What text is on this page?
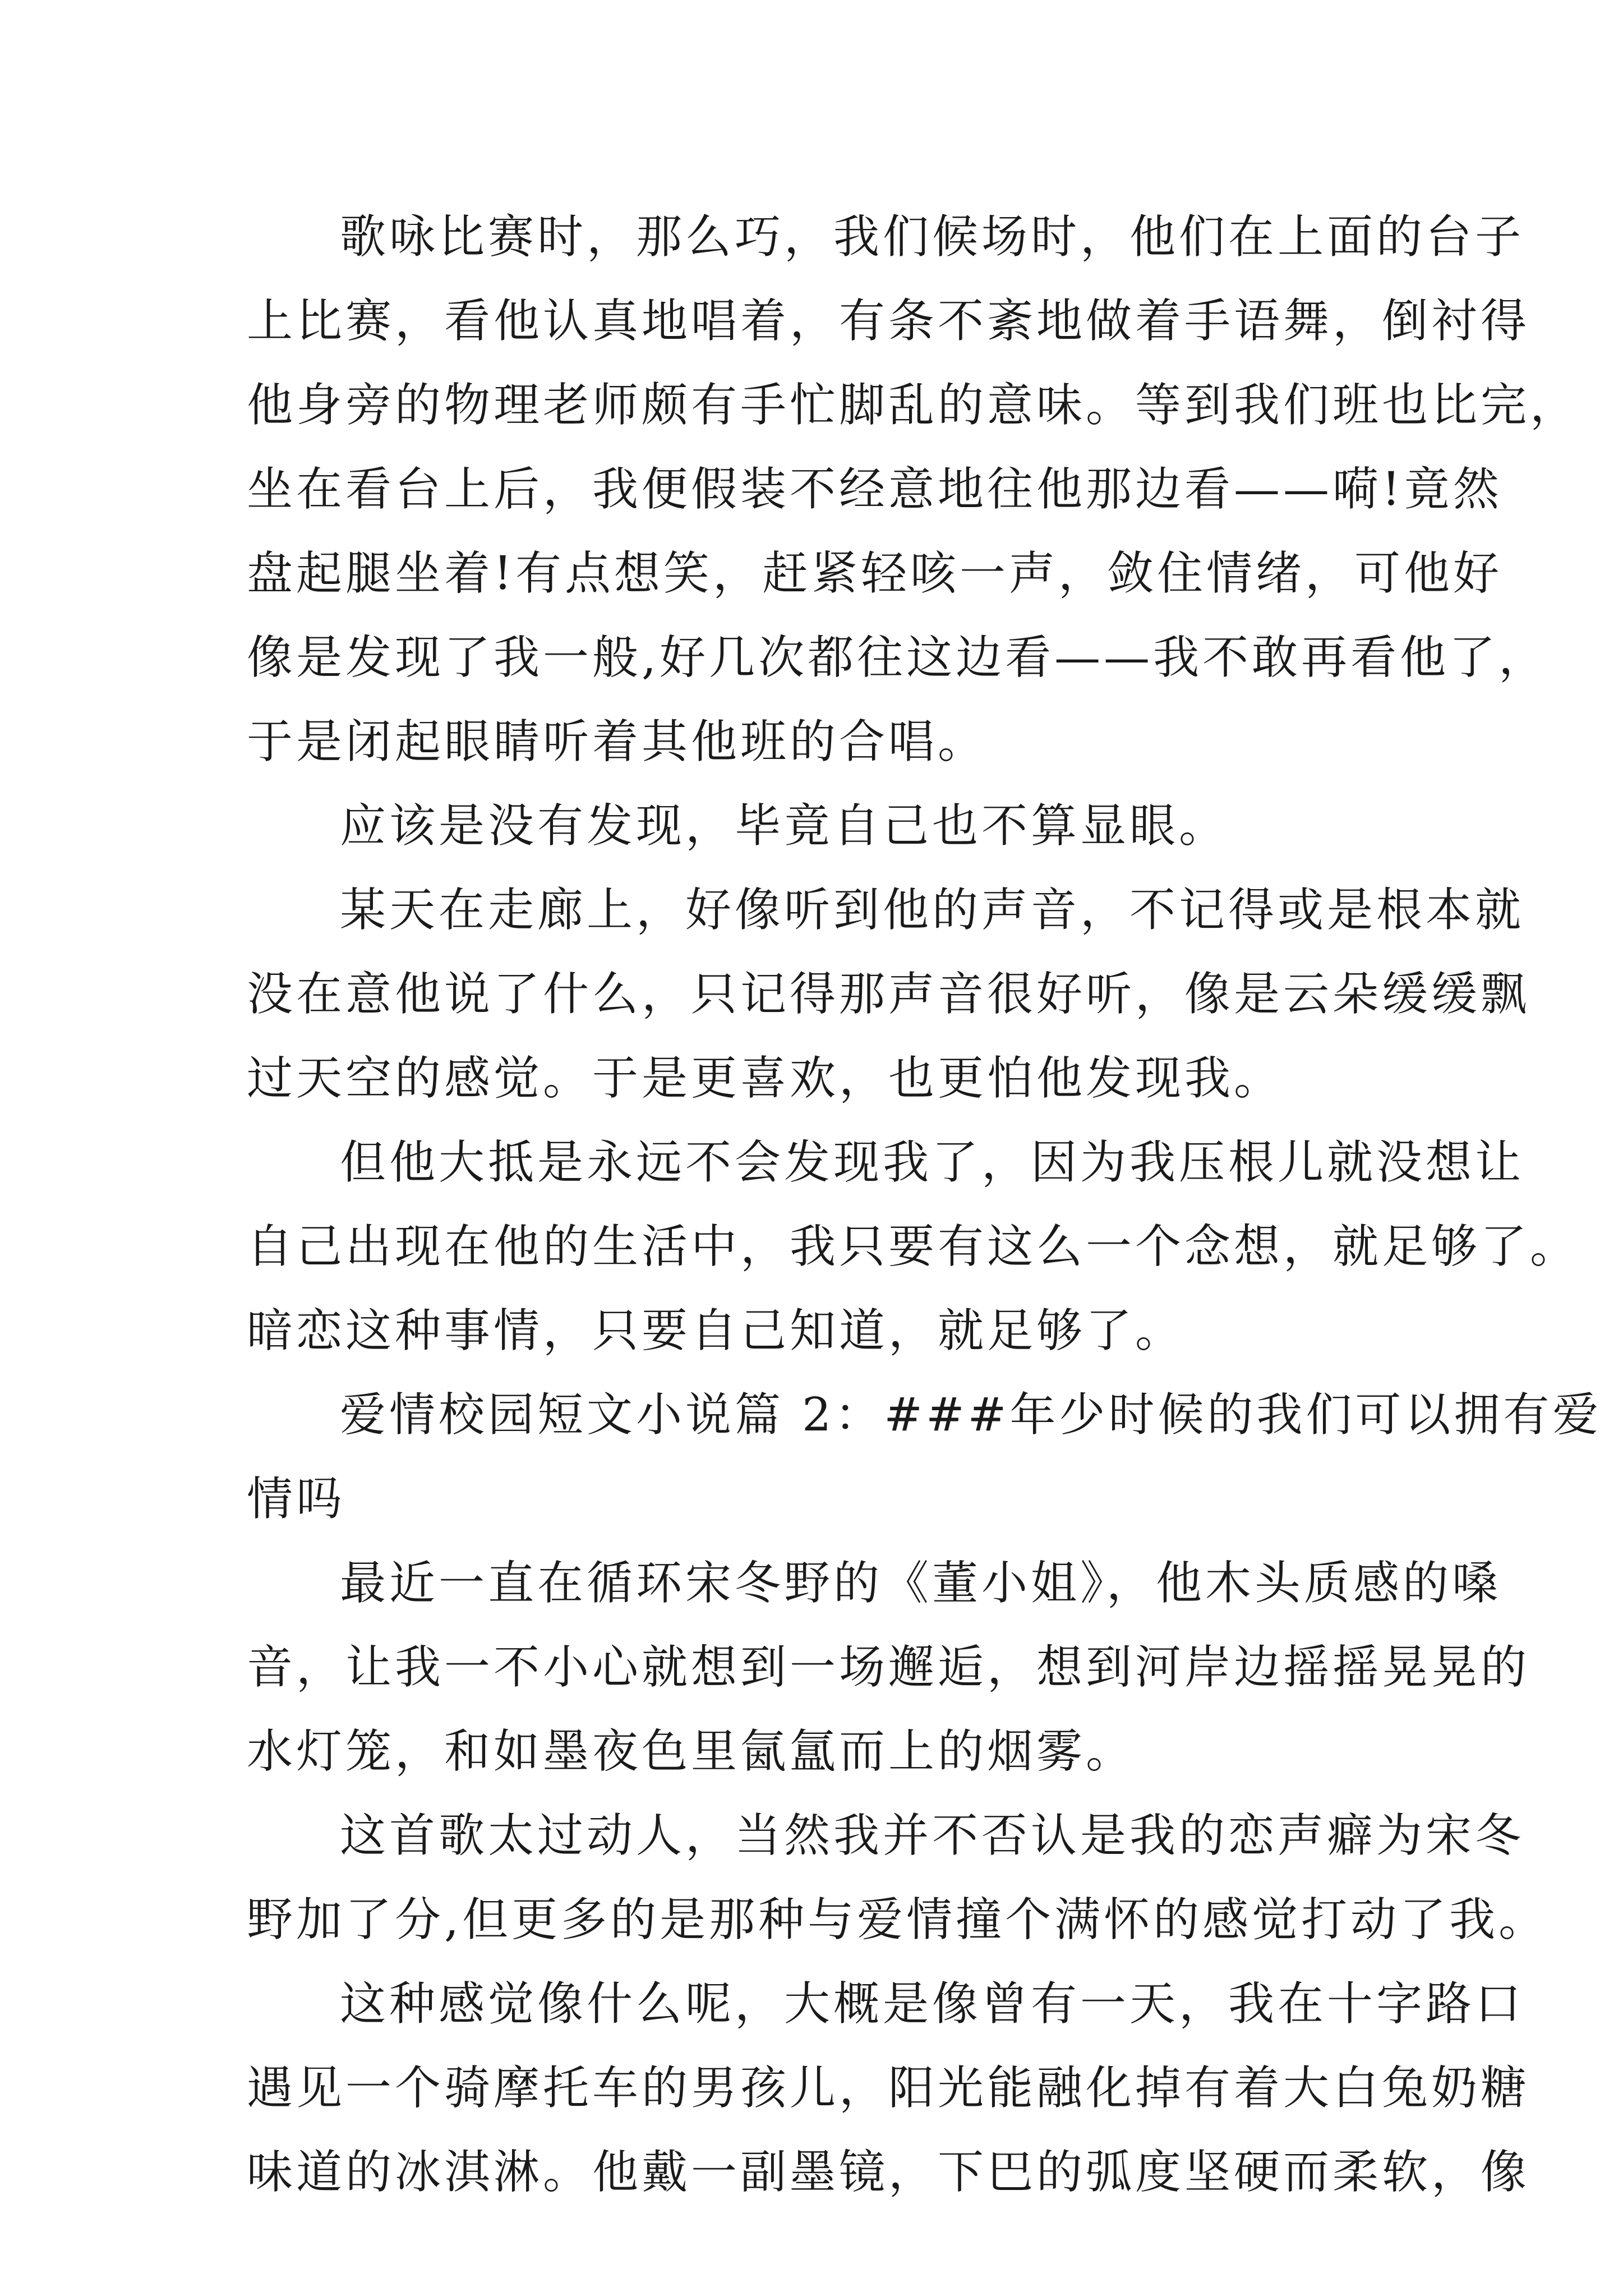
歌咏比赛时，那么巧，我们候场时，他们在上面的台子
上比赛，看他认真地唱着，有条不紊地做着手语舞，倒衬得
他身旁的物理老师颇有手忙脚乱的意味。等到我们班也比完，
坐在看台上后，我便假装不经意地往他那边看——嗬!竟然
盘起腿坐着!有点想笑，赶紧轻咳一声，敛住情绪，可他好
像是发现了我一般,好几次都往这边看——我不敢再看他了，
于是闭起眼睛听着其他班的合唱。
应该是没有发现，毕竟自己也不算显眼。
某天在走廊上，好像听到他的声音，不记得或是根本就
没在意他说了什么，只记得那声音很好听，像是云朵缓缓飘
过天空的感觉。于是更喜欢，也更怕他发现我。
但他大抵是永远不会发现我了，因为我压根儿就没想让
自己出现在他的生活中，我只要有这么一个念想，就足够了。
暗恋这种事情，只要自己知道，就足够了。
爱情校园短文小说篇 2：###年少时候的我们可以拥有爱
情吗
最近一直在循环宋冬野的《董小姐》，他木头质感的嗓
音，让我一不小心就想到一场邂逅，想到河岸边摇摇晃晃的
水灯笼，和如墨夜色里氤氲而上的烟雾。
这首歌太过动人，当然我并不否认是我的恋声癖为宋冬
野加了分,但更多的是那种与爱情撞个满怀的感觉打动了我。
这种感觉像什么呢，大概是像曾有一天，我在十字路口
遇见一个骑摩托车的男孩儿，阳光能融化掉有着大白兔奶糖
味道的冰淇淋。他戴一副墨镜，下巴的弧度坚硬而柔软，像
